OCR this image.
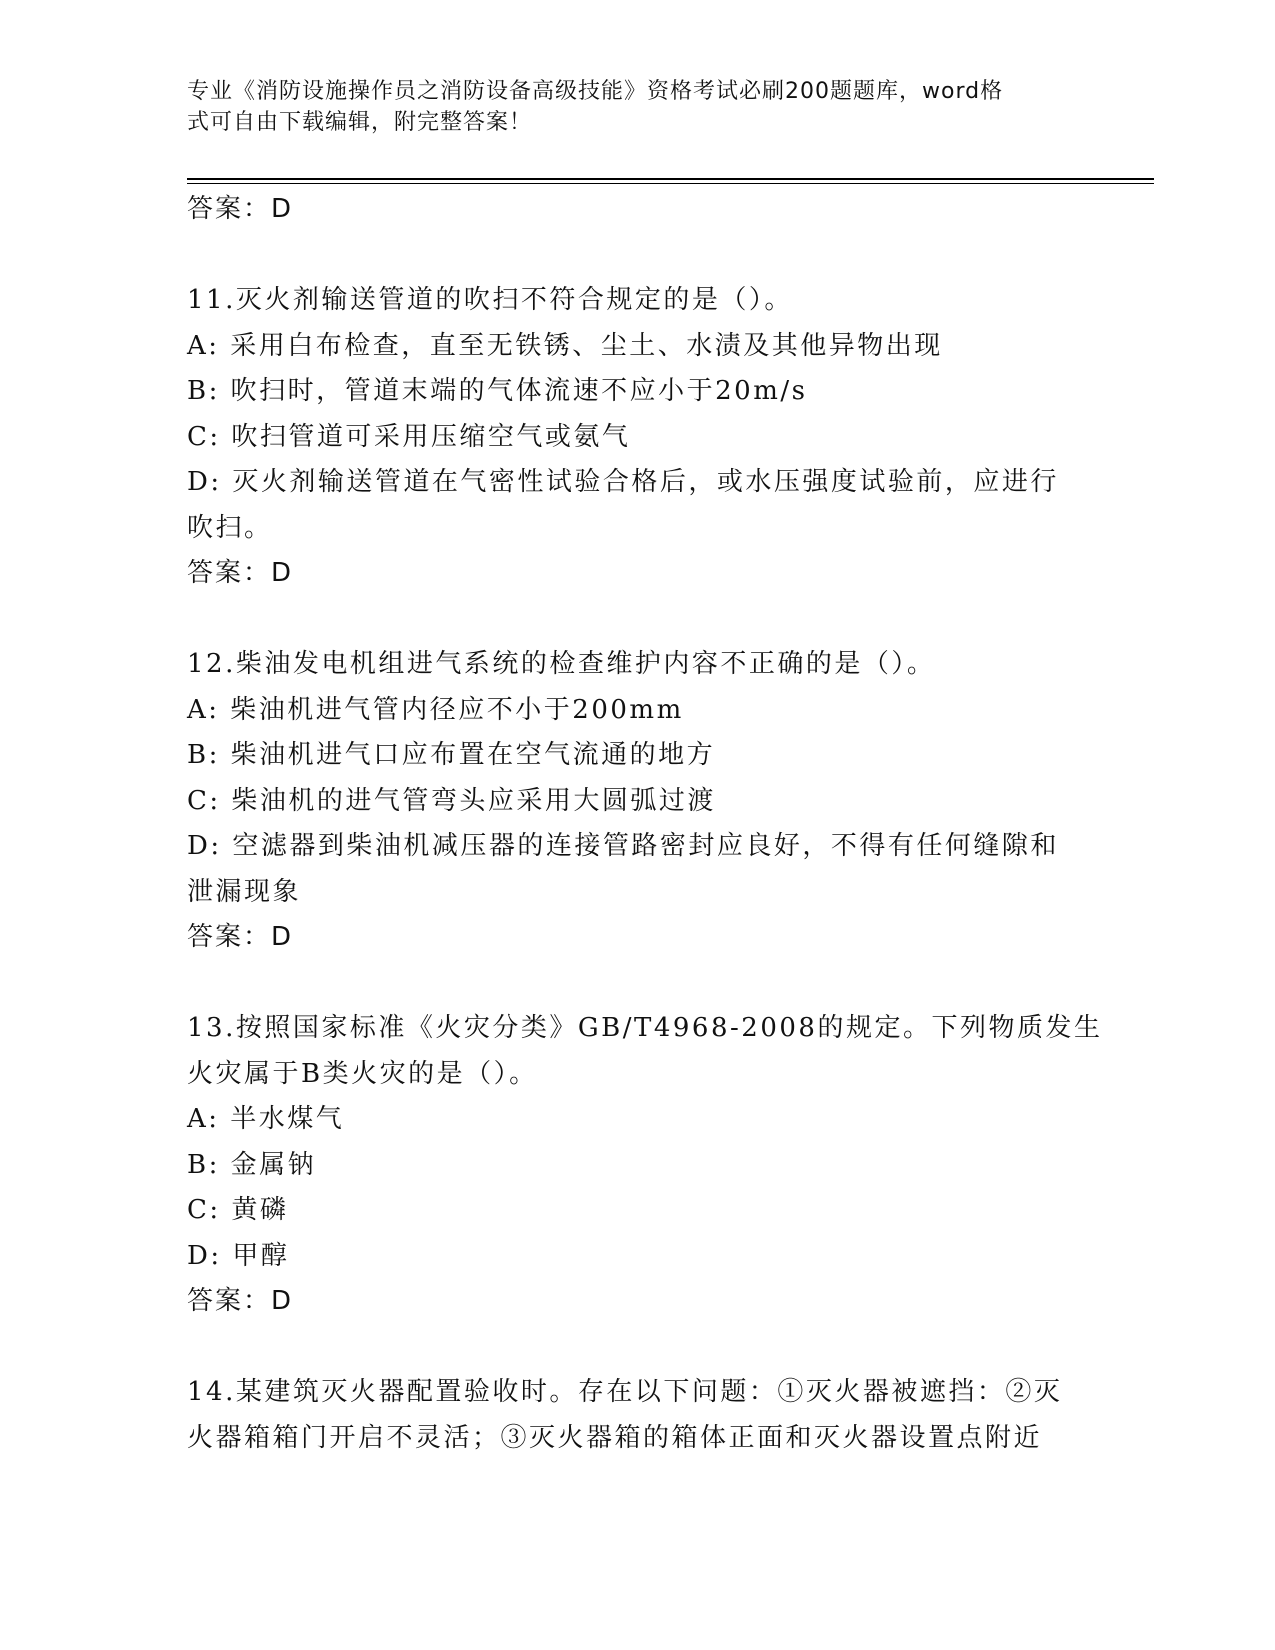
专业《消防设施操作员之消防设备高级技能》资格考试必刷200题题库，word格
式可自由下载编辑，附完整答案！
答案：D
11.灭火剂输送管道的吹扫不符合规定的是（）。
A: 采用白布检查，直至无铁锈、尘土、水渍及其他异物出现
B: 吹扫时，管道末端的气体流速不应小于20m/s
C: 吹扫管道可采用压缩空气或氨气
D: 灭火剂输送管道在气密性试验合格后，或水压强度试验前，应进行
吹扫。
答案：D
12.柴油发电机组进气系统的检查维护内容不正确的是（）。
A: 柴油机进气管内径应不小于200mm
B: 柴油机进气口应布置在空气流通的地方
C: 柴油机的进气管弯头应采用大圆弧过渡
D: 空滤器到柴油机减压器的连接管路密封应良好，不得有任何缝隙和
泄漏现象
答案：D
13.按照国家标准《火灾分类》GB/T4968-2008的规定。下列物质发生
火灾属于B类火灾的是（）。
A: 半水煤气
B: 金属钠
C: 黄磷
D: 甲醇
答案：D
14.某建筑灭火器配置验收时。存在以下问题：①灭火器被遮挡：②灭
火器箱箱门开启不灵活；③灭火器箱的箱体正面和灭火器设置点附近
